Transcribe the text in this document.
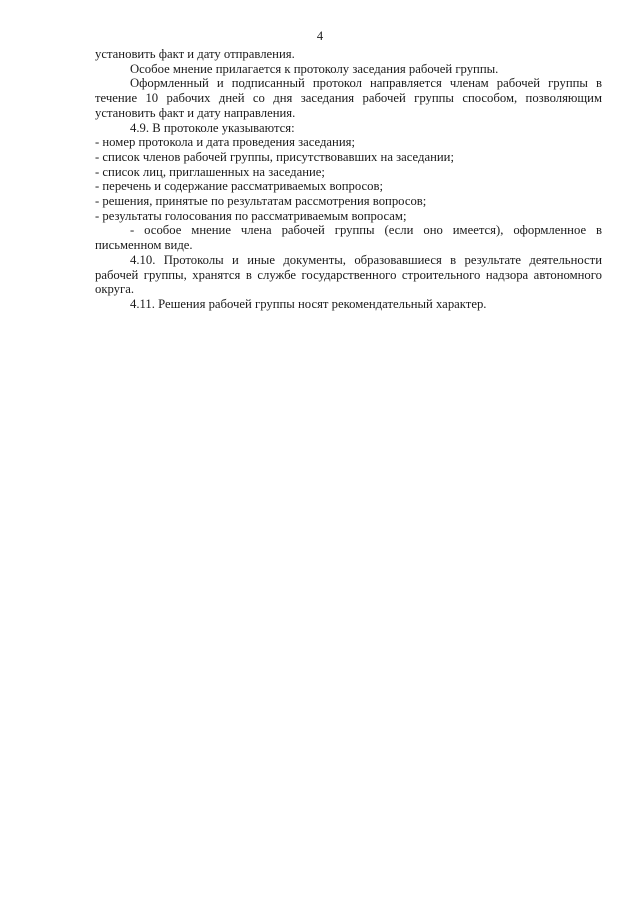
4

установить факт и дату отправления.

Особое мнение прилагается к протоколу заседания рабочей группы.

Оформленный и подписанный протокол направляется членам рабочей группы в течение 10 рабочих дней со дня заседания рабочей группы способом, позволяющим установить факт и дату направления.

4.9. В протоколе указываются:

- номер протокола и дата проведения заседания;

- список членов рабочей группы, присутствовавших на заседании;

- список лиц, приглашенных на заседание;

- перечень и содержание рассматриваемых вопросов;

- решения, принятые по результатам рассмотрения вопросов;

- результаты голосования по рассматриваемым вопросам;

- особое мнение члена рабочей группы (если оно имеется), оформленное в письменном виде.

4.10. Протоколы и иные документы, образовавшиеся в результате деятельности рабочей группы, хранятся в службе государственного строительного надзора автономного округа.

4.11. Решения рабочей группы носят рекомендательный характер.
